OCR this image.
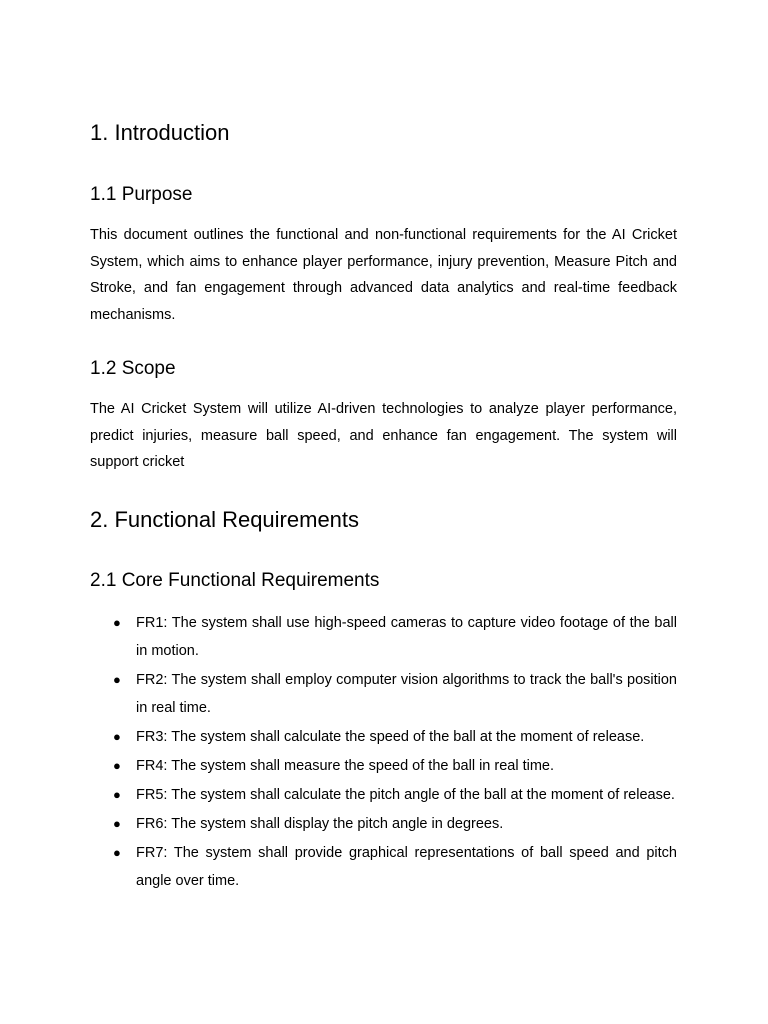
1. Introduction
1.1 Purpose

This document outlines the functional and non-functional requirements for the AI Cricket System, which aims to enhance player performance, injury prevention, Measure Pitch and Stroke, and fan engagement through advanced data analytics and real-time feedback mechanisms.

1.2 Scope

The AI Cricket System will utilize AI-driven technologies to analyze player performance, predict injuries, measure ball speed, and enhance fan engagement. The system will support cricket

2. Functional Requirements
2.1 Core Functional Requirements
● FR1: The system shall use high-speed cameras to capture video footage of the ball in motion.
● FR2: The system shall employ computer vision algorithms to track the ball's position in real time.
● FR3: The system shall calculate the speed of the ball at the moment of release.
● FR4: The system shall measure the speed of the ball in real time.
● FR5: The system shall calculate the pitch angle of the ball at the moment of release.
● FR6: The system shall display the pitch angle in degrees.
● FR7: The system shall provide graphical representations of ball speed and pitch angle over time.
